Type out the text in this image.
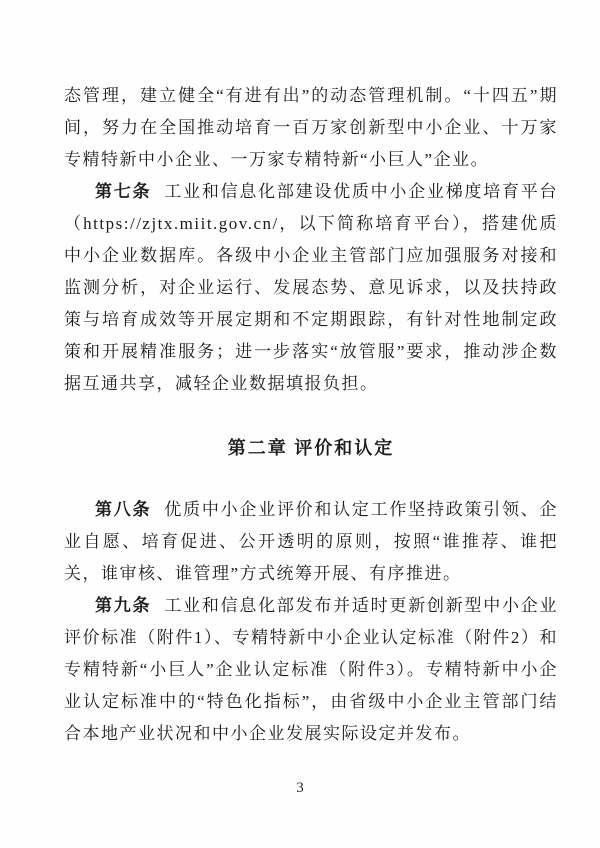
态管理，建立健全“有进有出”的动态管理机制。“十四五”期间，努力在全国推动培育一百万家创新型中小企业、十万家专精特新中小企业、一万家专精特新“小巨人”企业。

第七条 工业和信息化部建设优质中小企业梯度培育平台（https://zjtx.miit.gov.cn/，以下简称培育平台），搭建优质中小企业数据库。各级中小企业主管部门应加强服务对接和监测分析，对企业运行、发展态势、意见诉求，以及扶持政策与培育成效等开展定期和不定期跟踪，有针对性地制定政策和开展精准服务；进一步落实“放管服”要求，推动涉企数据互通共享，减轻企业数据填报负担。

第二章 评价和认定

第八条 优质中小企业评价和认定工作坚持政策引领、企业自愿、培育促进、公开透明的原则，按照“谁推荐、谁把关，谁审核、谁管理”方式统筹开展、有序推进。

第九条 工业和信息化部发布并适时更新创新型中小企业评价标准（附件1）、专精特新中小企业认定标准（附件2）和专精特新“小巨人”企业认定标准（附件3）。专精特新中小企业认定标准中的“特色化指标”，由省级中小企业主管部门结合本地产业状况和中小企业发展实际设定并发布。

3
